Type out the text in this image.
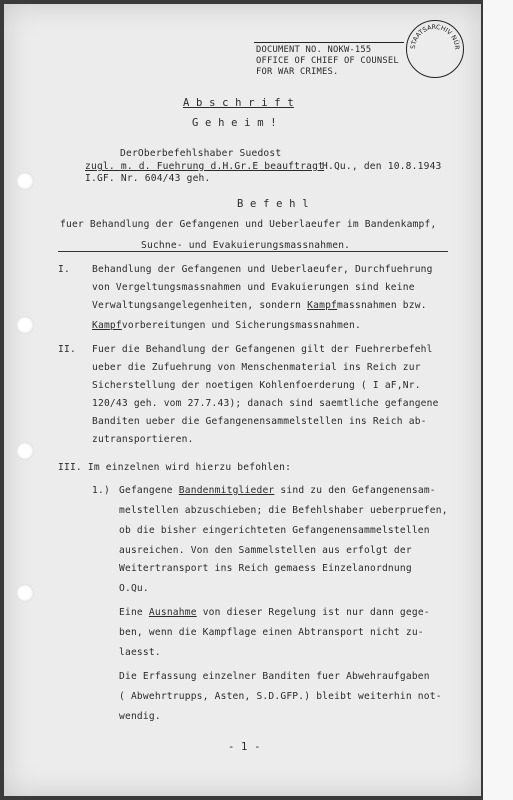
DOCUMENT NO. NOKW-155
OFFICE OF CHIEF OF COUNSEL
FOR WAR CRIMES.
STAATSARCHIV NÜR
A b s c h r i f t
G e h e i m !
DerOberbefehlshaber Suedost
zugl. m. d. Fuehrung d.H.Gr.E beauftragt
H.Qu., den 10.8.1943
I.GF. Nr. 604/43 geh.
B e f e h l
fuer Behandlung der Gefangenen und Ueberlaeufer im Bandenkampf,
Suchne- und Evakuierungsmassnahmen.
I. Behandlung der Gefangenen und Ueberlaeufer, Durchfuehrung
von Vergeltungsmassnahmen und Evakuierungen sind keine
Verwaltungsangelegenheiten, sondern Kampfmassnahmen bzw.
Kampfvorbereitungen und Sicherungsmassnahmen.
II. Fuer die Behandlung der Gefangenen gilt der Fuehrerbefehl
ueber die Zufuehrung von Menschenmaterial ins Reich zur
Sicherstellung der noetigen Kohlenfoerderung ( I aF,Nr.
120/43 geh. vom 27.7.43); danach sind saemtliche gefangene
Banditen ueber die Gefangenensammelstellen ins Reich ab-
zutransportieren.
III. Im einzelnen wird hierzu befohlen:
1.) Gefangene Bandenmitglieder sind zu den Gefangenensam-
melstellen abzuschieben; die Befehlshaber ueberpruefen,
ob die bisher eingerichteten Gefangenensammelstellen
ausreichen. Von den Sammelstellen aus erfolgt der
Weitertransport ins Reich gemaess Einzelanordnung
O.Qu.
Eine Ausnahme von dieser Regelung ist nur dann gege-
ben, wenn die Kampflage einen Abtransport nicht zu-
laesst.
Die Erfassung einzelner Banditen fuer Abwehraufgaben
( Abwehrtrupps, Asten, S.D.GFP.) bleibt weiterhin not-
wendig.
- 1 -
